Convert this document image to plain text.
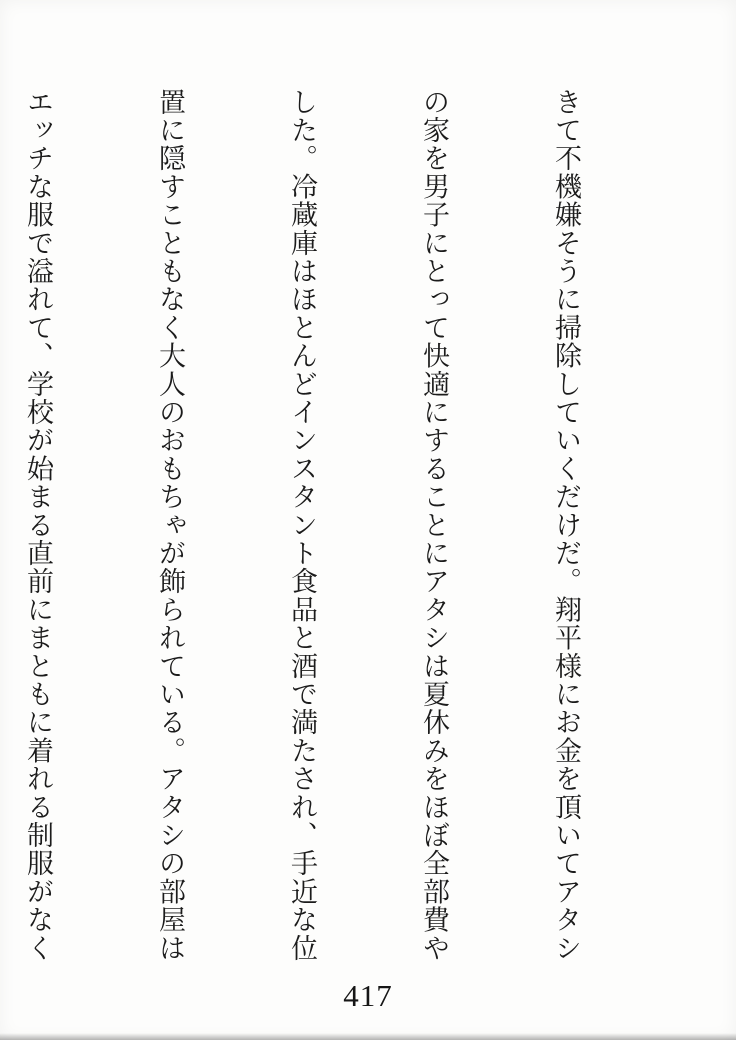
きて不機嫌そうに掃除していくだけだ。翔平様にお金を頂いてアタシ

の家を男子にとって快適にすることにアタシは夏休みをほぼ全部費や

した。冷蔵庫はほとんどインスタント食品と酒で満たされ、手近な位

置に隠すこともなく大人のおもちゃが飾られている。アタシの部屋は

エッチな服で溢れて、学校が始まる直前にまともに着れる制服がなく

417
